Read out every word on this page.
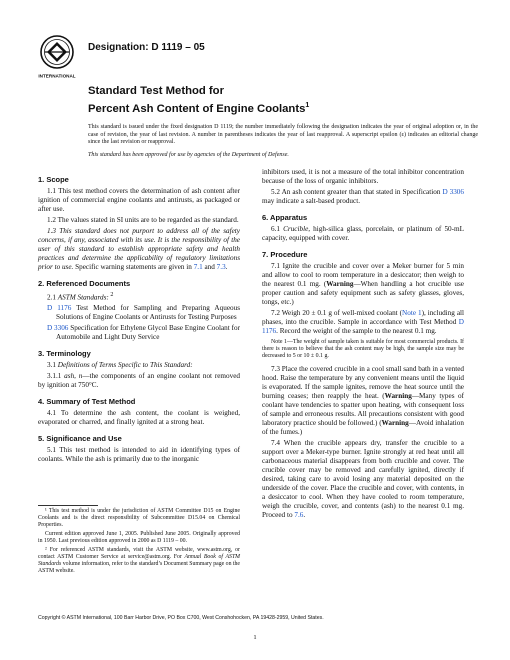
INTERNATIONAL
Designation: D 1119 – 05
Standard Test Method for
Percent Ash Content of Engine Coolants$^1$

This standard is issued under the fixed designation D 1119; the number immediately following the designation indicates the year of original adoption or, in the case of revision, the year of last revision. A number in parentheses indicates the year of last reapproval. A superscript epsilon (ε) indicates an editorial change since the last revision or reapproval.

This standard has been approved for use by agencies of the Department of Defense.

1. Scope

1.1 This test method covers the determination of ash content after ignition of commercial engine coolants and antirusts, as packaged or after use.

1.2 The values stated in SI units are to be regarded as the standard.

1.3 This standard does not purport to address all of the safety concerns, if any, associated with its use. It is the responsibility of the user of this standard to establish appropriate safety and health practices and determine the applicability of regulatory limitations prior to use. Specific warning statements are given in 7.1 and 7.3.

2. Referenced Documents

2.1 ASTM Standards: $^2$

D 1176 Test Method for Sampling and Preparing Aqueous Solutions of Engine Coolants or Antirusts for Testing Purposes

D 3306 Specification for Ethylene Glycol Base Engine Coolant for Automobile and Light Duty Service

3. Terminology

3.1 Definitions of Terms Specific to This Standard:

3.1.1 ash, n—the components of an engine coolant not removed by ignition at 750°C.

4. Summary of Test Method

4.1 To determine the ash content, the coolant is weighed, evaporated or charred, and finally ignited at a strong heat.

5. Significance and Use

5.1 This test method is intended to aid in identifying types of coolants. While the ash is primarily due to the inorganic

inhibitors used, it is not a measure of the total inhibitor concentration because of the loss of organic inhibitors.

5.2 An ash content greater than that stated in Specification D 3306 may indicate a salt-based product.

6. Apparatus

6.1 Crucible, high-silica glass, porcelain, or platinum of 50-mL capacity, equipped with cover.

7. Procedure

7.1 Ignite the crucible and cover over a Meker burner for 5 min and allow to cool to room temperature in a desiccator; then weigh to the nearest 0.1 mg. (Warning—When handling a hot crucible use proper caution and safety equipment such as safety glasses, gloves, tongs, etc.)

7.2 Weigh 20 ± 0.1 g of well-mixed coolant (Note 1), including all phases, into the crucible. Sample in accordance with Test Method D 1176. Record the weight of the sample to the nearest 0.1 mg.

Note 1—The weight of sample taken is suitable for most commercial products. If there is reason to believe that the ash content may be high, the sample size may be decreased to 5 or 10 ± 0.1 g.

7.3 Place the covered crucible in a cool small sand bath in a vented hood. Raise the temperature by any convenient means until the liquid is evaporated. If the sample ignites, remove the heat source until the burning ceases; then reapply the heat. (Warning—Many types of coolant have tendencies to spatter upon heating, with consequent loss of sample and erroneous results. All precautions consistent with good laboratory practice should be followed.) (Warning—Avoid inhalation of the fumes.)

7.4 When the crucible appears dry, transfer the crucible to a support over a Meker-type burner. Ignite strongly at red heat until all carbonaceous material disappears from both crucible and cover. The crucible cover may be removed and carefully ignited, directly if desired, taking care to avoid losing any material deposited on the underside of the cover. Place the crucible and cover, with contents, in a desiccator to cool. When they have cooled to room temperature, weigh the crucible, cover, and contents (ash) to the nearest 0.1 mg. Proceed to 7.6.

¹ This test method is under the jurisdiction of ASTM Committee D15 on Engine Coolants and is the direct responsibility of Subcommittee D15.04 on Chemical Properties.

Current edition approved June 1, 2005. Published June 2005. Originally approved in 1950. Last previous edition approved in 2000 as D 1119 – 00.

² For referenced ASTM standards, visit the ASTM website, www.astm.org, or contact ASTM Customer Service at service@astm.org. For Annual Book of ASTM Standards volume information, refer to the standard’s Document Summary page on the ASTM website.

Copyright © ASTM International, 100 Barr Harbor Drive, PO Box C700, West Conshohocken, PA 19428-2959, United States.

1
